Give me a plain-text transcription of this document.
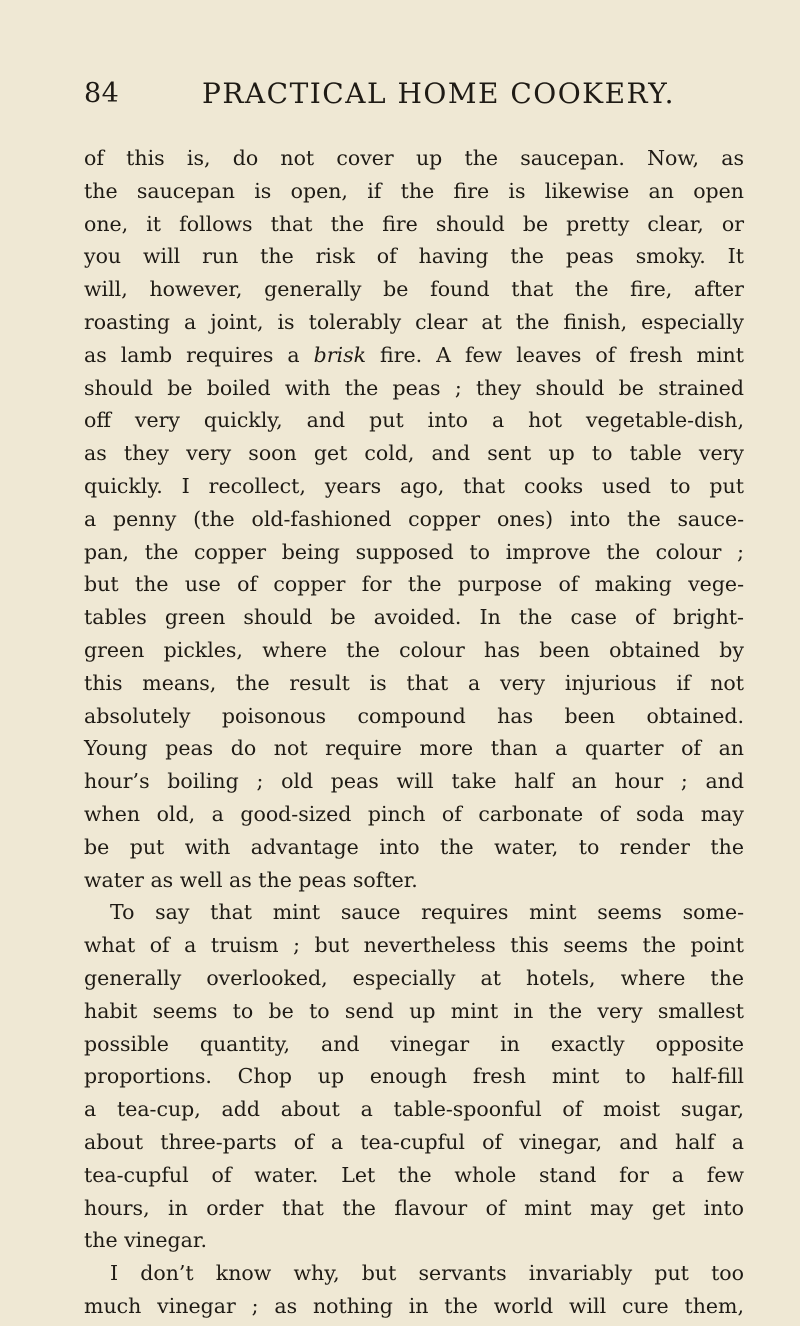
84	PRACTICAL HOME COOKERY.
of this is, do not cover up the saucepan. Now, as
the saucepan is open, if the fire is likewise an open
one, it follows that the fire should be pretty clear, or
you will run the risk of having the peas smoky. It
will, however, generally be found that the fire, after
roasting a joint, is tolerably clear at the finish, especially
as lamb requires a brisk fire. A few leaves of fresh mint
should be boiled with the peas ; they should be strained
off very quickly, and put into a hot vegetable-dish,
as they very soon get cold, and sent up to table very
quickly. I recollect, years ago, that cooks used to put
a penny (the old-fashioned copper ones) into the sauce-
pan, the copper being supposed to improve the colour ;
but the use of copper for the purpose of making vege-
tables green should be avoided. In the case of bright-
green pickles, where the colour has been obtained by
this means, the result is that a very injurious if not
absolutely poisonous compound has been obtained.
Young peas do not require more than a quarter of an
hour’s boiling ; old peas will take half an hour ; and
when old, a good-sized pinch of carbonate of soda may
be put with advantage into the water, to render the
water as well as the peas softer.
To say that mint sauce requires mint seems some-
what of a truism ; but nevertheless this seems the point
generally overlooked, especially at hotels, where the
habit seems to be to send up mint in the very smallest
possible quantity, and vinegar in exactly opposite
proportions. Chop up enough fresh mint to half-fill
a tea-cup, add about a table-spoonful of moist sugar,
about three-parts of a tea-cupful of vinegar, and half a
tea-cupful of water. Let the whole stand for a few
hours, in order that the flavour of mint may get into
the vinegar.
I don’t know why, but servants invariably put too
much vinegar ; as nothing in the world will cure them,
